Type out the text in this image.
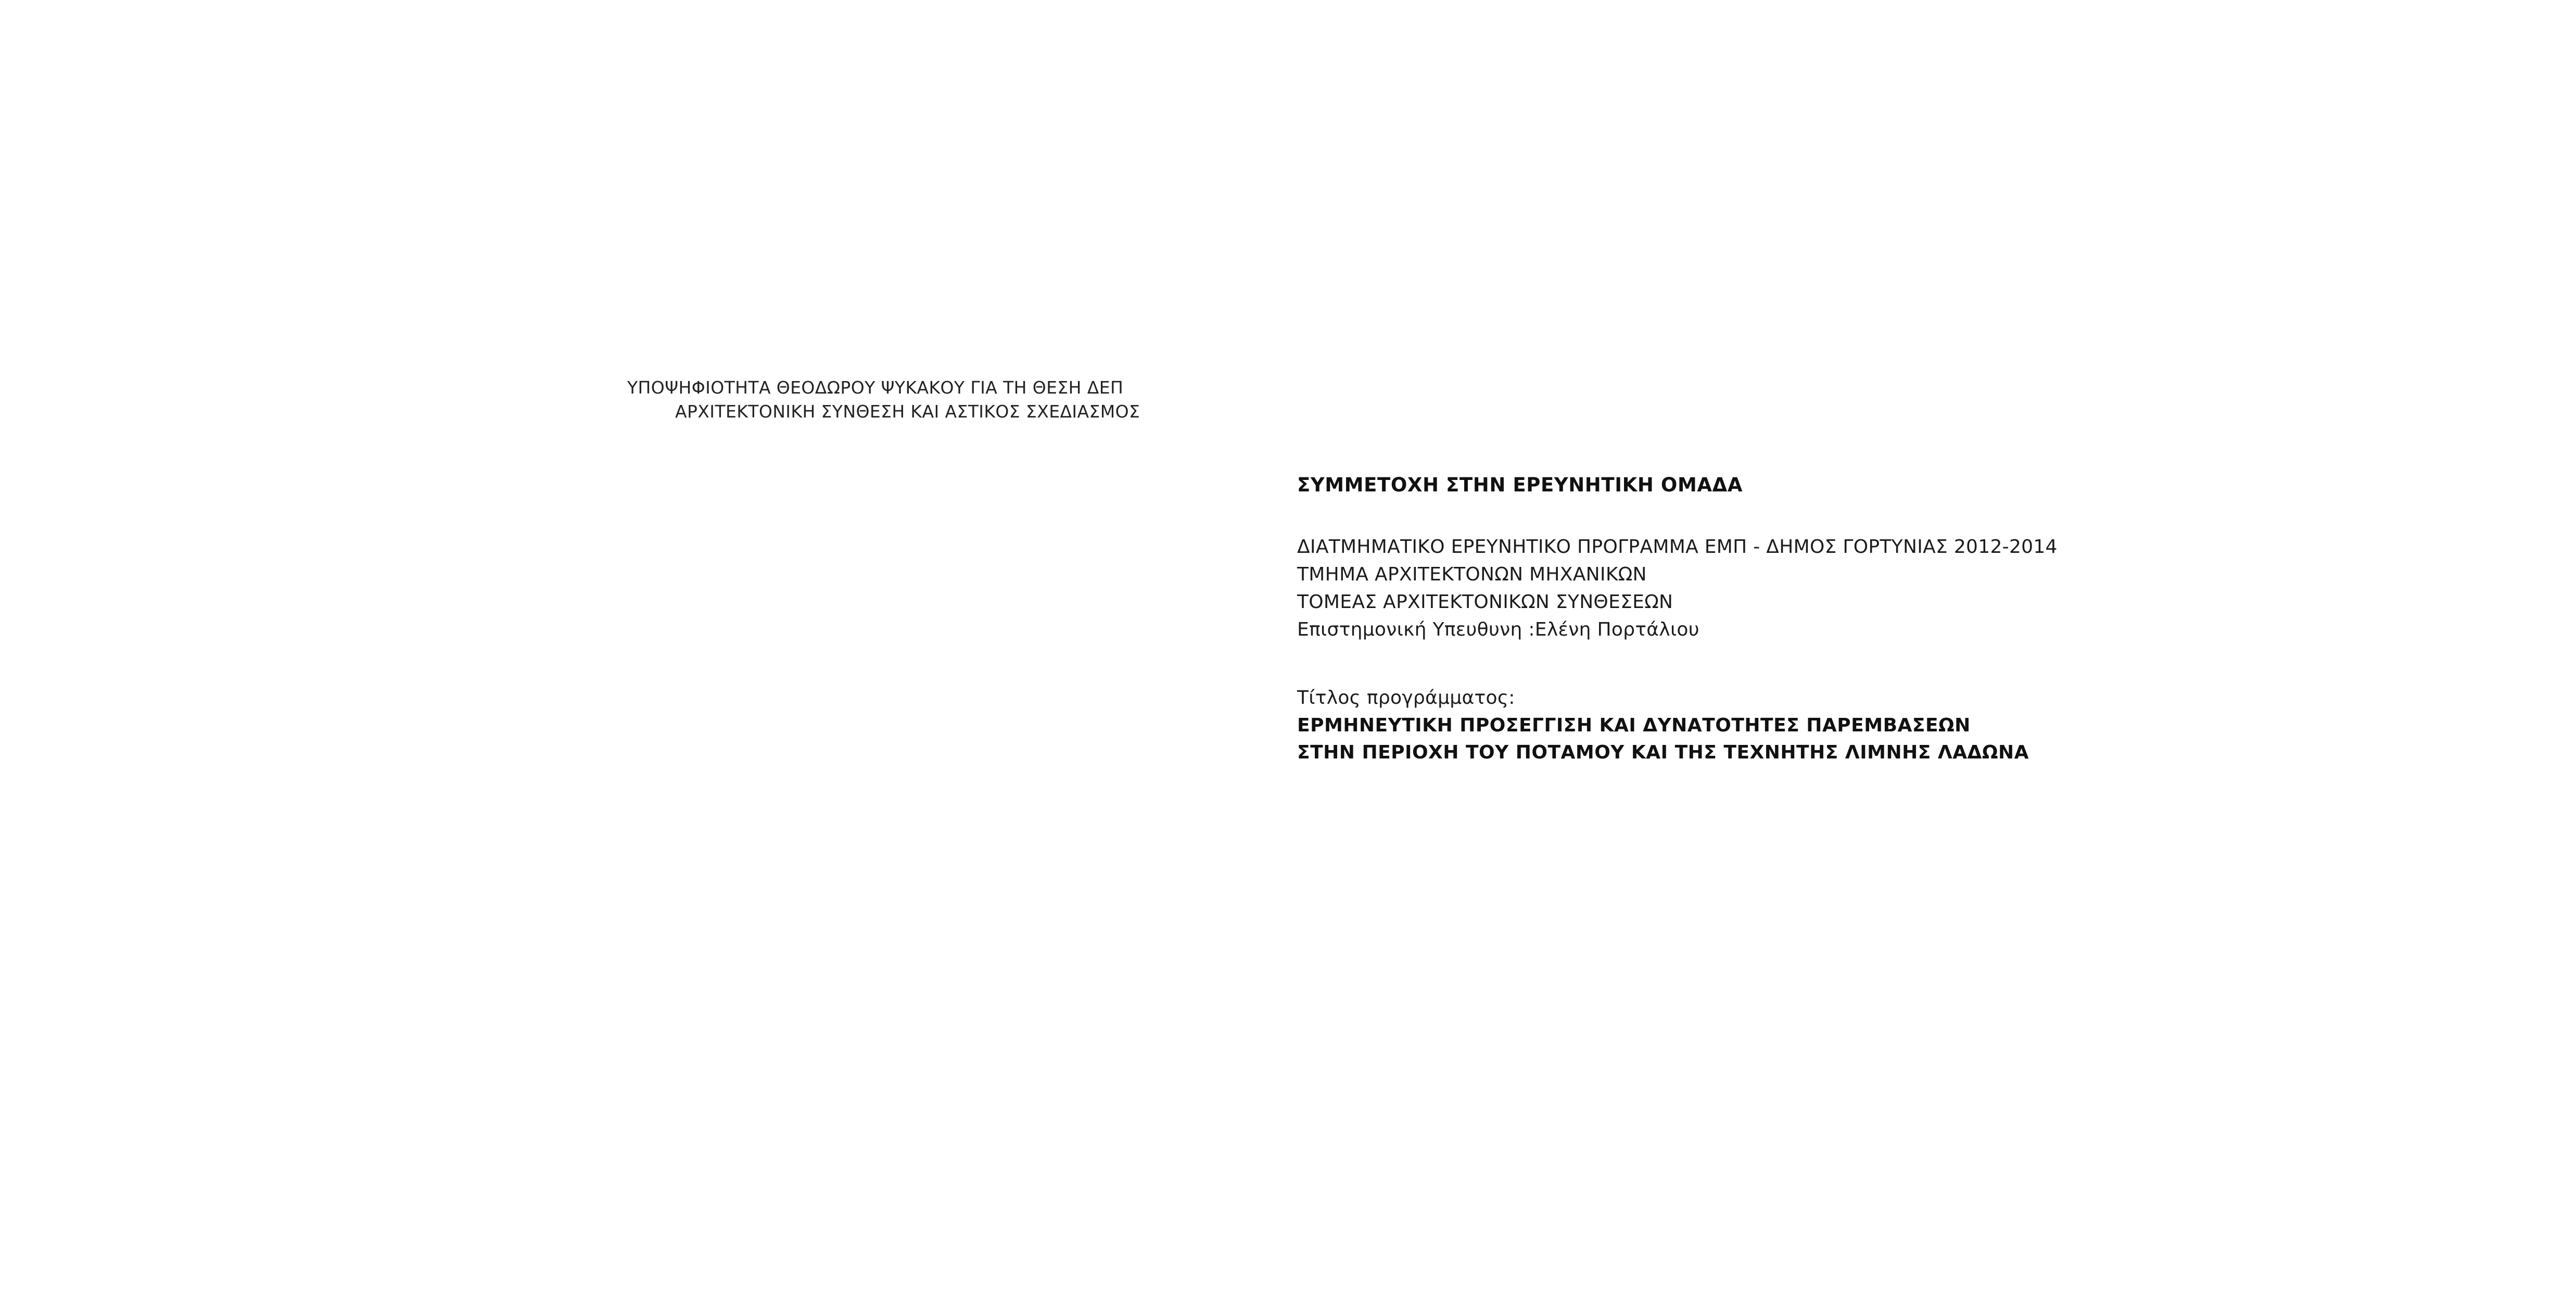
ΥΠΟΨΗΦΙΟΤΗΤΑ ΘΕΟΔΩΡΟΥ ΨΥΚΑΚΟΥ ΓΙΑ ΤΗ ΘΕΣΗ ΔΕΠ
ΑΡΧΙΤΕΚΤΟΝΙΚΗ ΣΥΝΘΕΣΗ ΚΑΙ ΑΣΤΙΚΟΣ ΣΧΕΔΙΑΣΜΟΣ
ΣΥΜΜΕΤΟΧΗ ΣΤΗΝ ΕΡΕΥΝΗΤΙΚΗ ΟΜΑΔΑ
ΔΙΑΤΜΗΜΑΤΙΚΟ ΕΡΕΥΝΗΤΙΚΟ ΠΡΟΓΡΑΜΜΑ ΕΜΠ - ΔΗΜΟΣ ΓΟΡΤΥΝΙΑΣ 2012-2014
ΤΜΗΜΑ ΑΡΧΙΤΕΚΤΟΝΩΝ ΜΗΧΑΝΙΚΩΝ
ΤΟΜΕΑΣ ΑΡΧΙΤΕΚΤΟΝΙΚΩΝ ΣΥΝΘΕΣΕΩΝ
Επιστημονική Υπευθυνη :Ελένη Πορτάλιου
Τίτλος προγράμματος:
ΕΡΜΗΝΕΥΤΙΚΗ ΠΡΟΣΕΓΓΙΣΗ ΚΑΙ ΔΥΝΑΤΟΤΗΤΕΣ ΠΑΡΕΜΒΑΣΕΩΝ
ΣΤΗΝ ΠΕΡΙΟΧΗ ΤΟΥ ΠΟΤΑΜΟΥ ΚΑΙ ΤΗΣ ΤΕΧΝΗΤΗΣ ΛΙΜΝΗΣ ΛΑΔΩΝΑ
